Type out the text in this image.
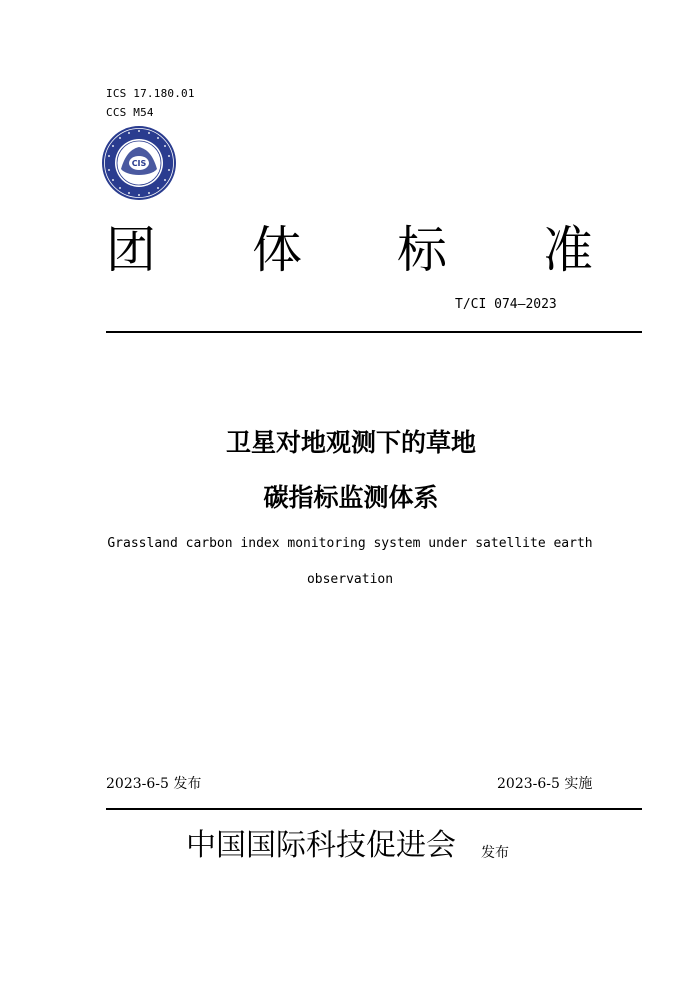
ICS 17.180.01
CCS M54
CIS
团 体 标 准
T/CI 074—2023
卫星对地观测下的草地
碳指标监测体系
Grassland carbon index monitoring system under satellite earth
observation
2023-6-5 发布	2023-6-5 实施
中国国际科技促进会 发布
